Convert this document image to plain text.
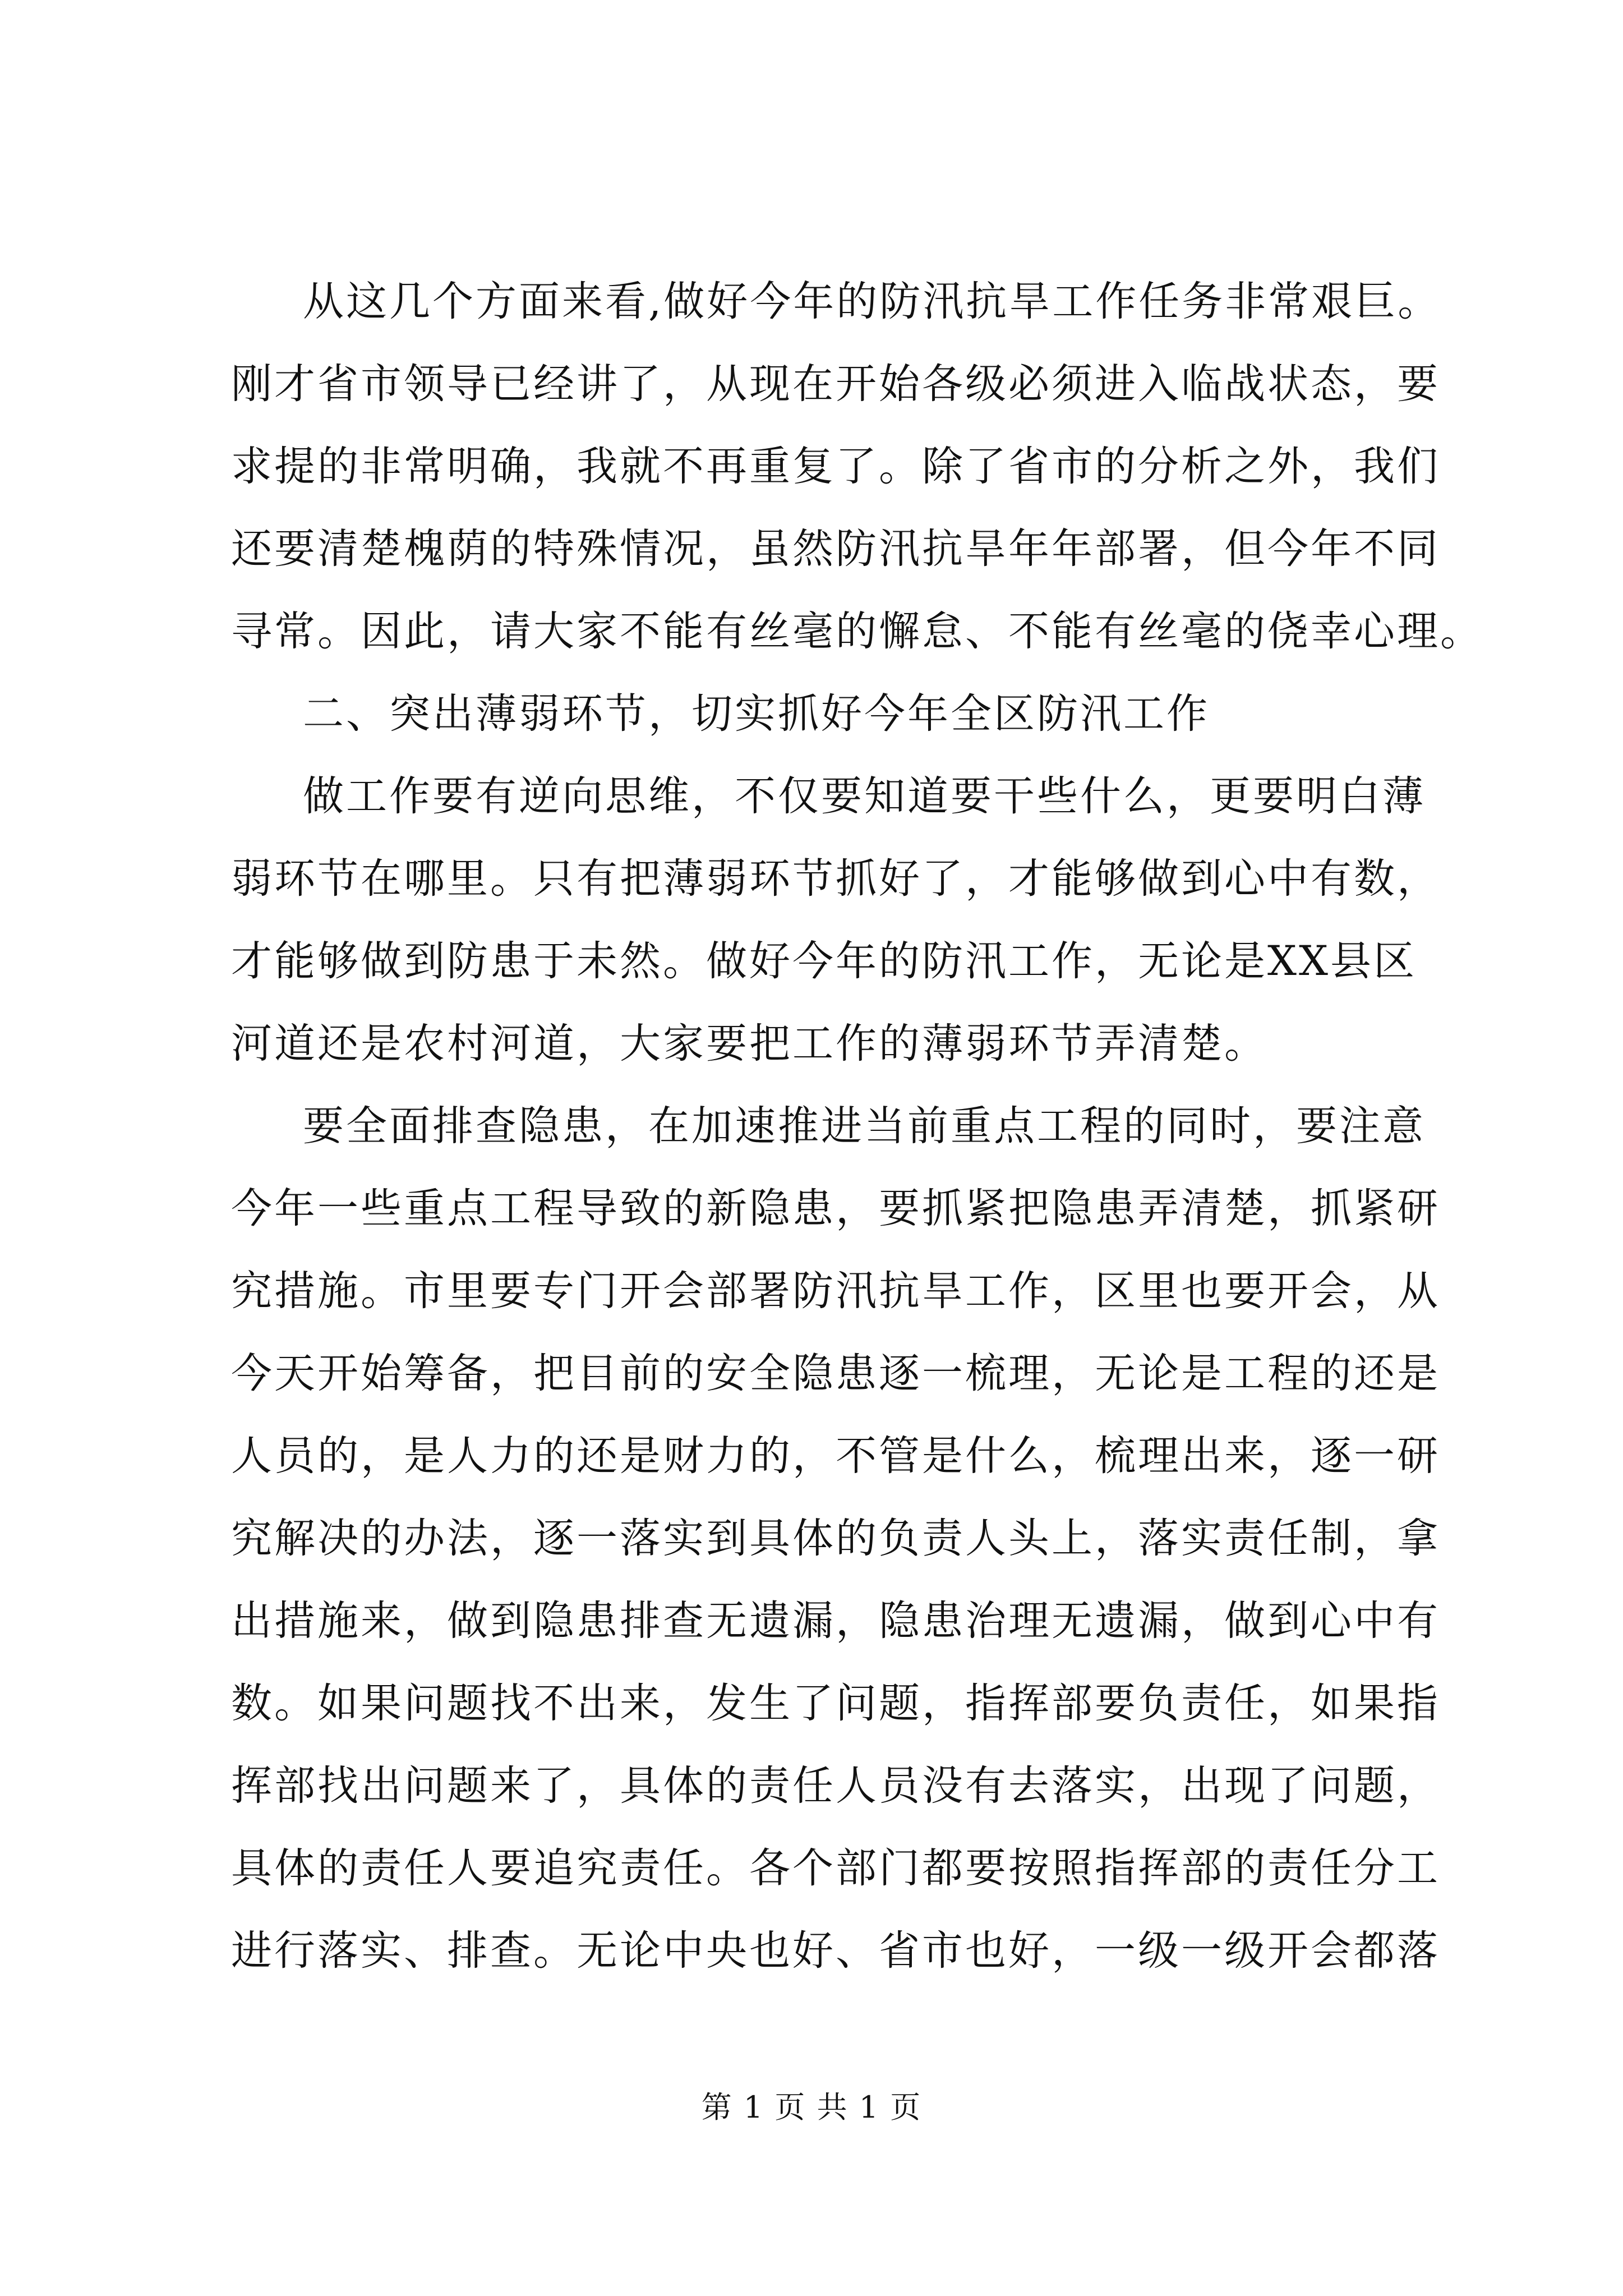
从这几个方面来看,做好今年的防汛抗旱工作任务非常艰巨。
刚才省市领导已经讲了，从现在开始各级必须进入临战状态，要
求提的非常明确，我就不再重复了。除了省市的分析之外，我们
还要清楚槐荫的特殊情况，虽然防汛抗旱年年部署，但今年不同
寻常。因此，请大家不能有丝毫的懈怠、不能有丝毫的侥幸心理。
二、突出薄弱环节，切实抓好今年全区防汛工作
做工作要有逆向思维，不仅要知道要干些什么，更要明白薄
弱环节在哪里。只有把薄弱环节抓好了，才能够做到心中有数，
才能够做到防患于未然。做好今年的防汛工作，无论是XX县区
河道还是农村河道，大家要把工作的薄弱环节弄清楚。
要全面排查隐患，在加速推进当前重点工程的同时，要注意
今年一些重点工程导致的新隐患，要抓紧把隐患弄清楚，抓紧研
究措施。市里要专门开会部署防汛抗旱工作，区里也要开会，从
今天开始筹备，把目前的安全隐患逐一梳理，无论是工程的还是
人员的，是人力的还是财力的，不管是什么，梳理出来，逐一研
究解决的办法，逐一落实到具体的负责人头上，落实责任制，拿
出措施来，做到隐患排查无遗漏，隐患治理无遗漏，做到心中有
数。如果问题找不出来，发生了问题，指挥部要负责任，如果指
挥部找出问题来了，具体的责任人员没有去落实，出现了问题，
具体的责任人要追究责任。各个部门都要按照指挥部的责任分工
进行落实、排查。无论中央也好、省市也好，一级一级开会都落
第 1 页 共 1 页
